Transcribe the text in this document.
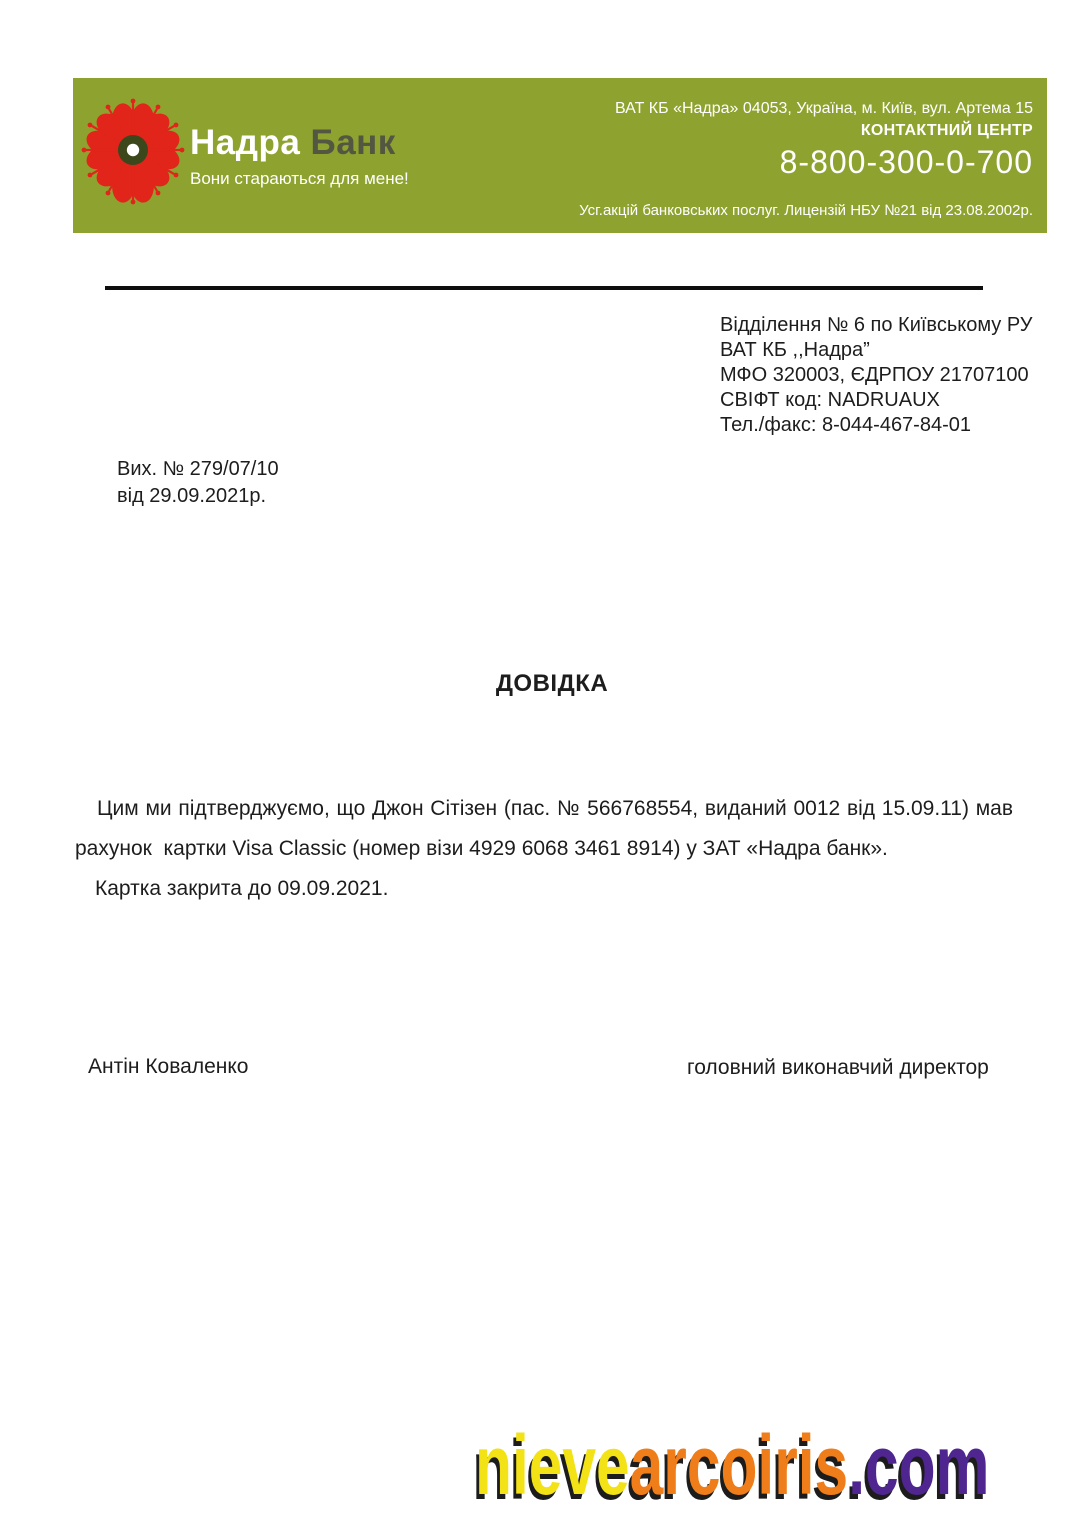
Надра Банк
Вони стараються для мене!
ВАТ КБ «Надра» 04053, Україна, м. Київ, вул. Артема 15
КОНТАКТНИЙ ЦЕНТР
8-800-300-0-700
Усг.акцій банковських послуг. Лицензій НБУ №21 від 23.08.2002р.
Відділення № 6 по Київському РУ
ВАТ КБ ,,Надра”
МФО 320003, ЄДРПОУ 21707100
СВІФТ код: NADRUAUX
Тел./факс: 8-044-467-84-01
Вих. № 279/07/10
від 29.09.2021р.
ДОВІДКА
Цим ми підтверджуємо, що Джон Сітізен (пас. № 566768554, виданий 0012 від 15.09.11) мав
рахунок  картки Visa Classic (номер візи 4929 6068 3461 8914) у ЗАТ «Надра банк».
Картка закрита до 09.09.2021.
Антін Коваленко	головний виконавчий директор
nievearcoiris.com
